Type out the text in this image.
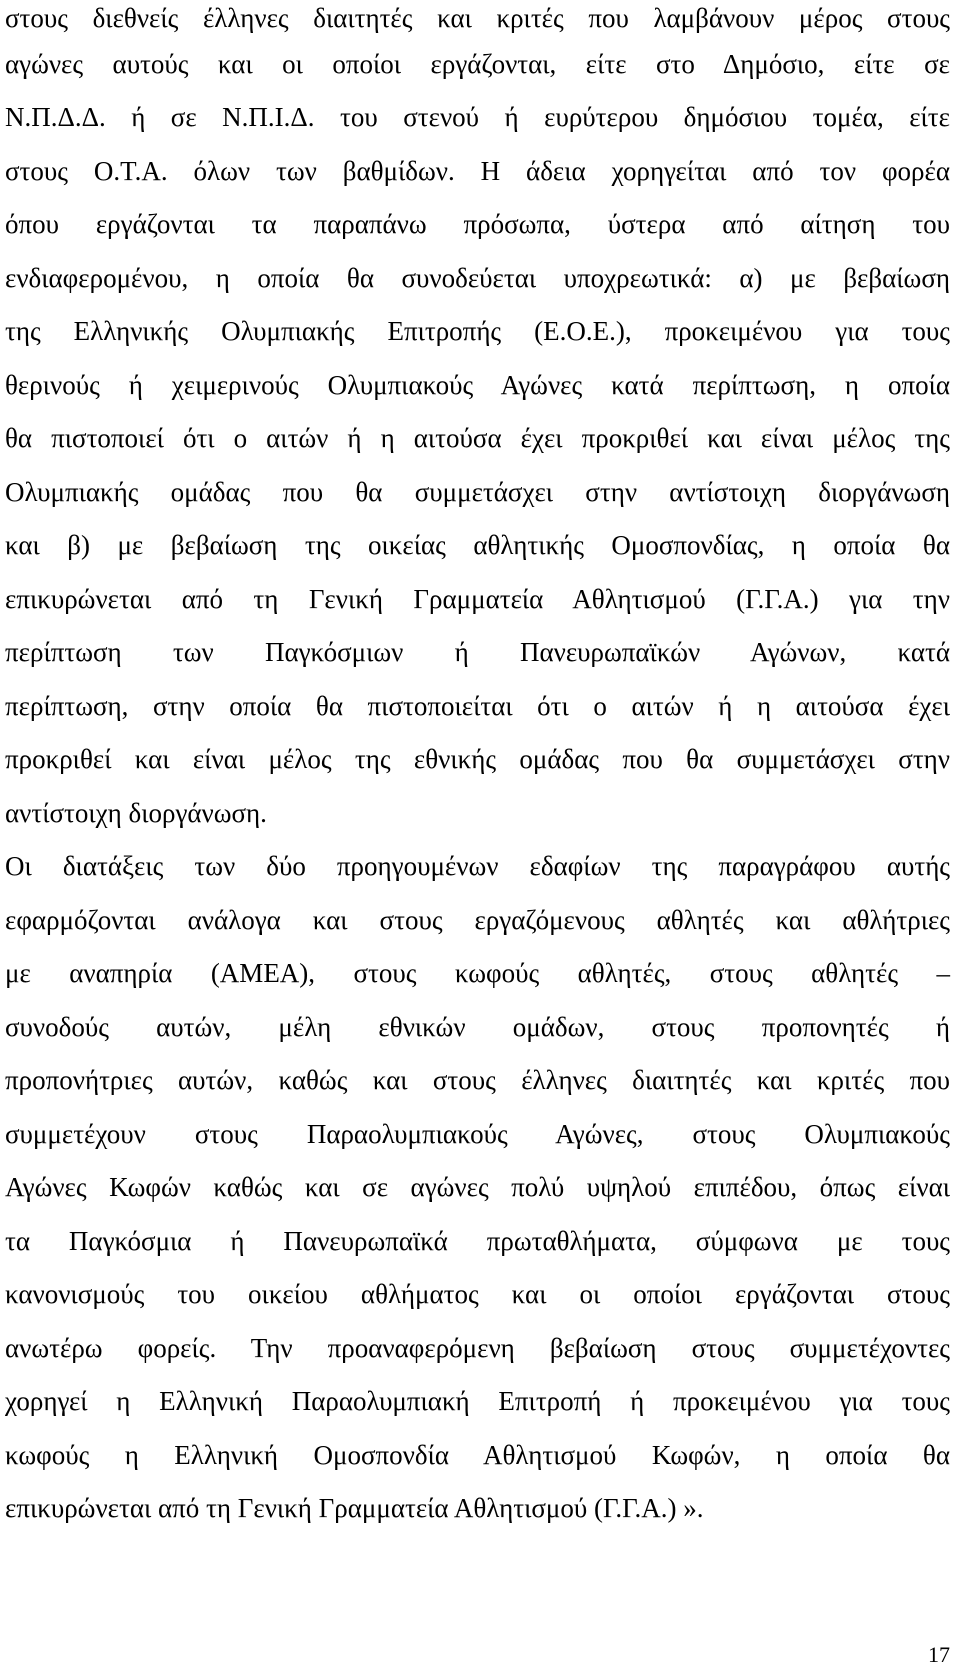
στους διεθνείς έλληνες διαιτητές και κριτές που λαμβάνουν μέρος στους
αγώνες αυτούς και οι οποίοι εργάζονται, είτε στο Δημόσιο, είτε σε
Ν.Π.Δ.Δ. ή σε Ν.Π.Ι.Δ. του στενού ή ευρύτερου δημόσιου τομέα, είτε
στους Ο.Τ.Α. όλων των βαθμίδων. Η άδεια χορηγείται από τον φορέα
όπου εργάζονται τα παραπάνω πρόσωπα, ύστερα από αίτηση του
ενδιαφερομένου, η οποία θα συνοδεύεται υποχρεωτικά: α) με βεβαίωση
της Ελληνικής Ολυμπιακής Επιτροπής (Ε.Ο.Ε.), προκειμένου για τους
θερινούς ή χειμερινούς Ολυμπιακούς Αγώνες κατά περίπτωση, η οποία
θα πιστοποιεί ότι ο αιτών ή η αιτούσα έχει προκριθεί και είναι μέλος της
Ολυμπιακής ομάδας που θα συμμετάσχει στην αντίστοιχη διοργάνωση
και β) με βεβαίωση της οικείας αθλητικής Ομοσπονδίας, η οποία θα
επικυρώνεται από τη Γενική Γραμματεία Αθλητισμού (Γ.Γ.Α.) για την
περίπτωση των Παγκόσμιων ή Πανευρωπαϊκών Αγώνων, κατά
περίπτωση, στην οποία θα πιστοποιείται ότι ο αιτών ή η αιτούσα έχει
προκριθεί και είναι μέλος της εθνικής ομάδας που θα συμμετάσχει στην
αντίστοιχη διοργάνωση.
Οι διατάξεις των δύο προηγουμένων εδαφίων της παραγράφου αυτής
εφαρμόζονται ανάλογα και στους εργαζόμενους αθλητές και αθλήτριες
με αναπηρία (ΑΜΕΑ), στους κωφούς αθλητές, στους αθλητές –
συνοδούς αυτών, μέλη εθνικών ομάδων, στους προπονητές ή
προπονήτριες αυτών, καθώς και στους έλληνες διαιτητές και κριτές που
συμμετέχουν στους Παραολυμπιακούς Αγώνες, στους Ολυμπιακούς
Αγώνες Κωφών καθώς και σε αγώνες πολύ υψηλού επιπέδου, όπως είναι
τα Παγκόσμια ή Πανευρωπαϊκά πρωταθλήματα, σύμφωνα με τους
κανονισμούς του οικείου αθλήματος και οι οποίοι εργάζονται στους
ανωτέρω φορείς. Την προαναφερόμενη βεβαίωση στους συμμετέχοντες
χορηγεί η Ελληνική Παραολυμπιακή Επιτροπή ή προκειμένου για τους
κωφούς η Ελληνική Ομοσπονδία Αθλητισμού Κωφών, η οποία θα
επικυρώνεται από τη Γενική Γραμματεία Αθλητισμού (Γ.Γ.Α.) ».
17
